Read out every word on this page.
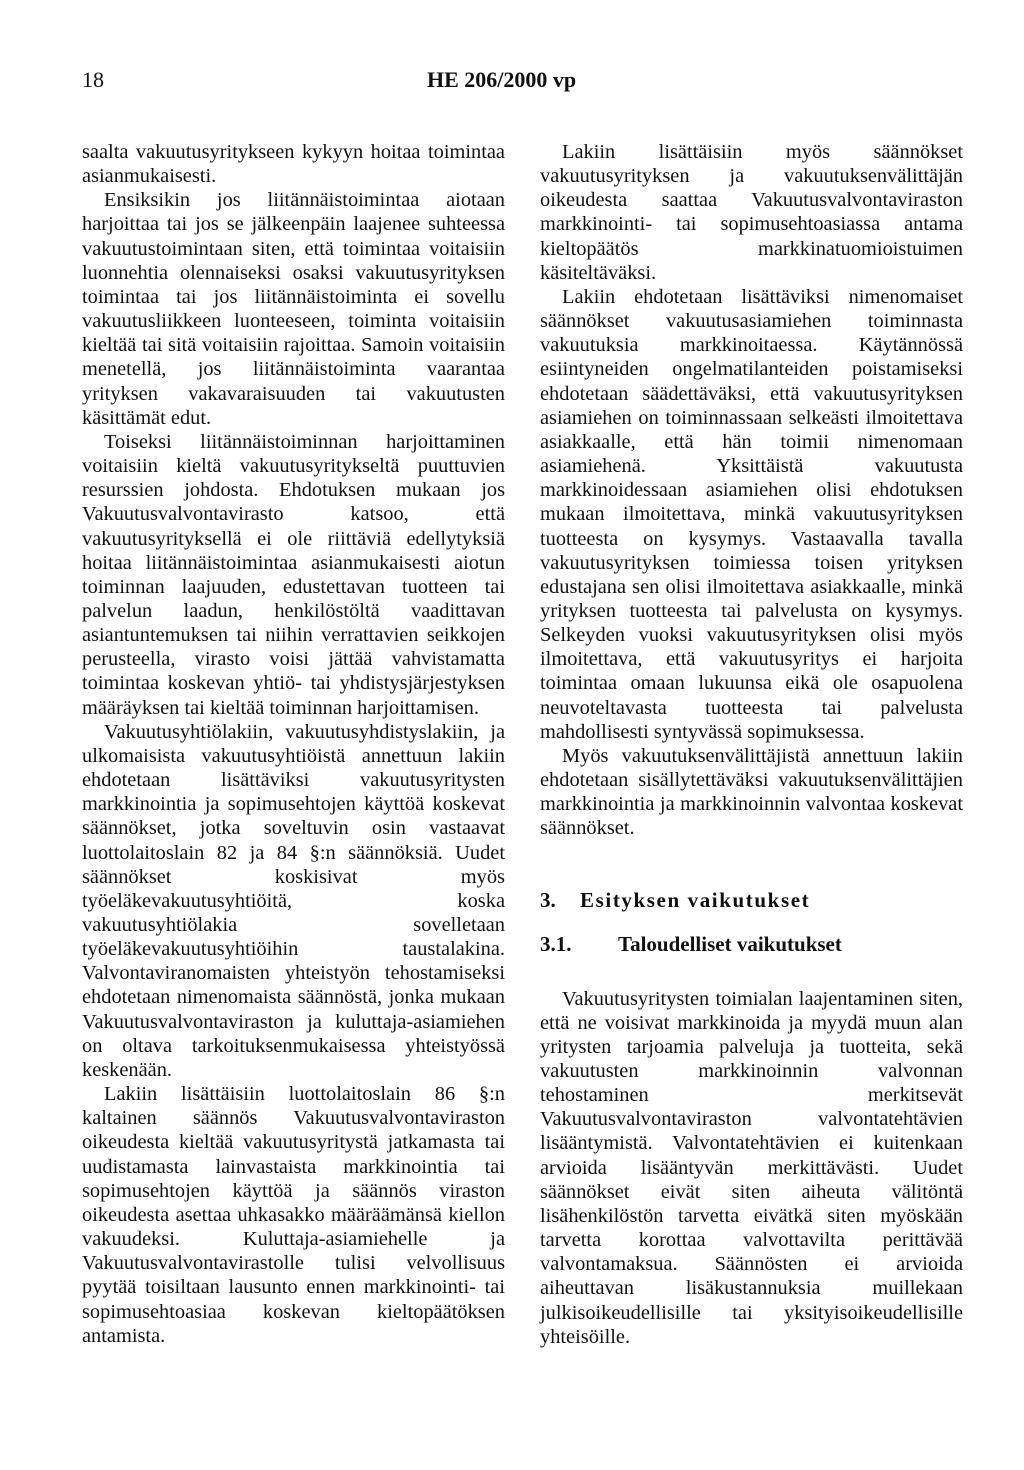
18	HE 206/2000 vp

saalta vakuutusyritykseen kykyyn hoitaa toimintaa asianmukaisesti.

Ensiksikin jos liitännäistoimintaa aiotaan harjoittaa tai jos se jälkeenpäin laajenee suhteessa vakuutustoimintaan siten, että toimintaa voitaisiin luonnehtia olennaiseksi osaksi vakuutusyrityksen toimintaa tai jos liitännäistoiminta ei sovellu vakuutusliikkeen luonteeseen, toiminta voitaisiin kieltää tai sitä voitaisiin rajoittaa. Samoin voitaisiin menetellä, jos liitännäistoiminta vaarantaa yrityksen vakavaraisuuden tai vakuutusten käsittämät edut.

Toiseksi liitännäistoiminnan harjoittaminen voitaisiin kieltä vakuutusyritykseltä puuttuvien resurssien johdosta. Ehdotuksen mukaan jos Vakuutusvalvontavirasto katsoo, että vakuutusyrityksellä ei ole riittäviä edellytyksiä hoitaa liitännäistoimintaa asianmukaisesti aiotun toiminnan laajuuden, edustettavan tuotteen tai palvelun laadun, henkilöstöltä vaadittavan asiantuntemuksen tai niihin verrattavien seikkojen perusteella, virasto voisi jättää vahvistamatta toimintaa koskevan yhtiö- tai yhdistysjärjestyksen määräyksen tai kieltää toiminnan harjoittamisen.

Vakuutusyhtiölakiin, vakuutusyhdistyslakiin, ja ulkomaisista vakuutusyhtiöistä annettuun lakiin ehdotetaan lisättäviksi vakuutusyritysten markkinointia ja sopimusehtojen käyttöä koskevat säännökset, jotka soveltuvin osin vastaavat luottolaitoslain 82 ja 84 §:n säännöksiä. Uudet säännökset koskisivat myös työeläkevakuutusyhtiöitä, koska vakuutusyhtiölakia sovelletaan työeläkevakuutusyhtiöihin taustalakina. Valvontaviranomaisten yhteistyön tehostamiseksi ehdotetaan nimenomaista säännöstä, jonka mukaan Vakuutusvalvontaviraston ja kuluttaja-asiamiehen on oltava tarkoituksenmukaisessa yhteistyössä keskenään.

Lakiin lisättäisiin luottolaitoslain 86 §:n kaltainen säännös Vakuutusvalvontaviraston oikeudesta kieltää vakuutusyritystä jatkamasta tai uudistamasta lainvastaista markkinointia tai sopimusehtojen käyttöä ja säännös viraston oikeudesta asettaa uhkasakko määräämänsä kiellon vakuudeksi. Kuluttaja-asiamiehelle ja Vakuutusvalvontavirastolle tulisi velvollisuus pyytää toisiltaan lausunto ennen markkinointi- tai sopimusehtoasiaa koskevan kieltopäätöksen antamista.

Lakiin lisättäisiin myös säännökset vakuutusyrityksen ja vakuutuksenvälittäjän oikeudesta saattaa Vakuutusvalvontaviraston markkinointi- tai sopimusehtoasiassa antama kieltopäätös markkinatuomioistuimen käsiteltäväksi.

Lakiin ehdotetaan lisättäviksi nimenomaiset säännökset vakuutusasiamiehen toiminnasta vakuutuksia markkinoitaessa. Käytännössä esiintyneiden ongelmatilanteiden poistamiseksi ehdotetaan säädettäväksi, että vakuutusyrityksen asiamiehen on toiminnassaan selkeästi ilmoitettava asiakkaalle, että hän toimii nimenomaan asiamiehenä. Yksittäistä vakuutusta markkinoidessaan asiamiehen olisi ehdotuksen mukaan ilmoitettava, minkä vakuutusyrityksen tuotteesta on kysymys. Vastaavalla tavalla vakuutusyrityksen toimiessa toisen yrityksen edustajana sen olisi ilmoitettava asiakkaalle, minkä yrityksen tuotteesta tai palvelusta on kysymys. Selkeyden vuoksi vakuutusyrityksen olisi myös ilmoitettava, että vakuutusyritys ei harjoita toimintaa omaan lukuunsa eikä ole osapuolena neuvoteltavasta tuotteesta tai palvelusta mahdollisesti syntyvässä sopimuksessa.

Myös vakuutuksenvälittäjistä annettuun lakiin ehdotetaan sisällytettäväksi vakuutuksenvälittäjien markkinointia ja markkinoinnin valvontaa koskevat säännökset.

3.	Esityksen vaikutukset
3.1.	Taloudelliset vaikutukset

Vakuutusyritysten toimialan laajentaminen siten, että ne voisivat markkinoida ja myydä muun alan yritysten tarjoamia palveluja ja tuotteita, sekä vakuutusten markkinoinnin valvonnan tehostaminen merkitsevät Vakuutusvalvontaviraston valvontatehtävien lisääntymistä. Valvontatehtävien ei kuitenkaan arvioida lisääntyvän merkittävästi. Uudet säännökset eivät siten aiheuta välitöntä lisähenkilöstön tarvetta eivätkä siten myöskään tarvetta korottaa valvottavilta perittävää valvontamaksua. Säännösten ei arvioida aiheuttavan lisäkustannuksia muillekaan julkisoikeudellisille tai yksityisoikeudellisille yhteisöille.
